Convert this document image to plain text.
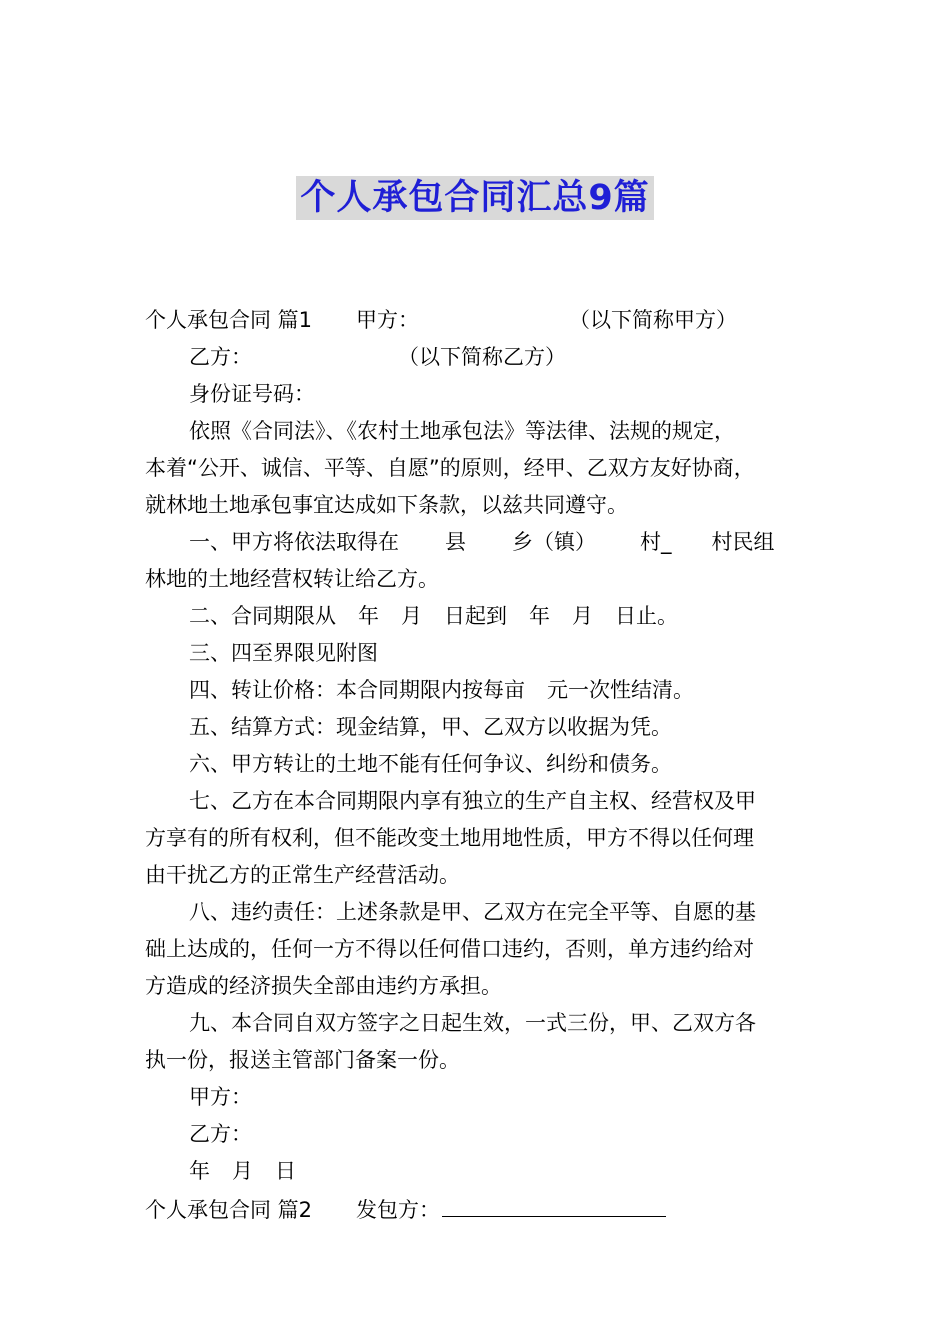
个人承包合同汇总9篇
个人承包合同 篇1 甲方：	（以下简称甲方）
乙方：	（以下简称乙方）
身份证号码：
依照《合同法》、《农村土地承包法》等法律、法规的规定，
本着“公开、诚信、平等、自愿”的原则，经甲、乙双方友好协商，
就林地土地承包事宜达成如下条款，以兹共同遵守。
一、甲方将依法取得在 县 乡（镇） 村_ 村民组
林地的土地经营权转让给乙方。
二、合同期限从 年 月 日起到 年 月 日止。
三、四至界限见附图
四、转让价格：本合同期限内按每亩 元一次性结清。
五、结算方式：现金结算，甲、乙双方以收据为凭。
六、甲方转让的土地不能有任何争议、纠纷和债务。
七、乙方在本合同期限内享有独立的生产自主权、经营权及甲
方享有的所有权利，但不能改变土地用地性质，甲方不得以任何理
由干扰乙方的正常生产经营活动。
八、违约责任：上述条款是甲、乙双方在完全平等、自愿的基
础上达成的，任何一方不得以任何借口违约，否则，单方违约给对
方造成的经济损失全部由违约方承担。
九、本合同自双方签字之日起生效，一式三份，甲、乙双方各
执一份，报送主管部门备案一份。
甲方：
乙方：
年 月 日
个人承包合同 篇2 发包方：
